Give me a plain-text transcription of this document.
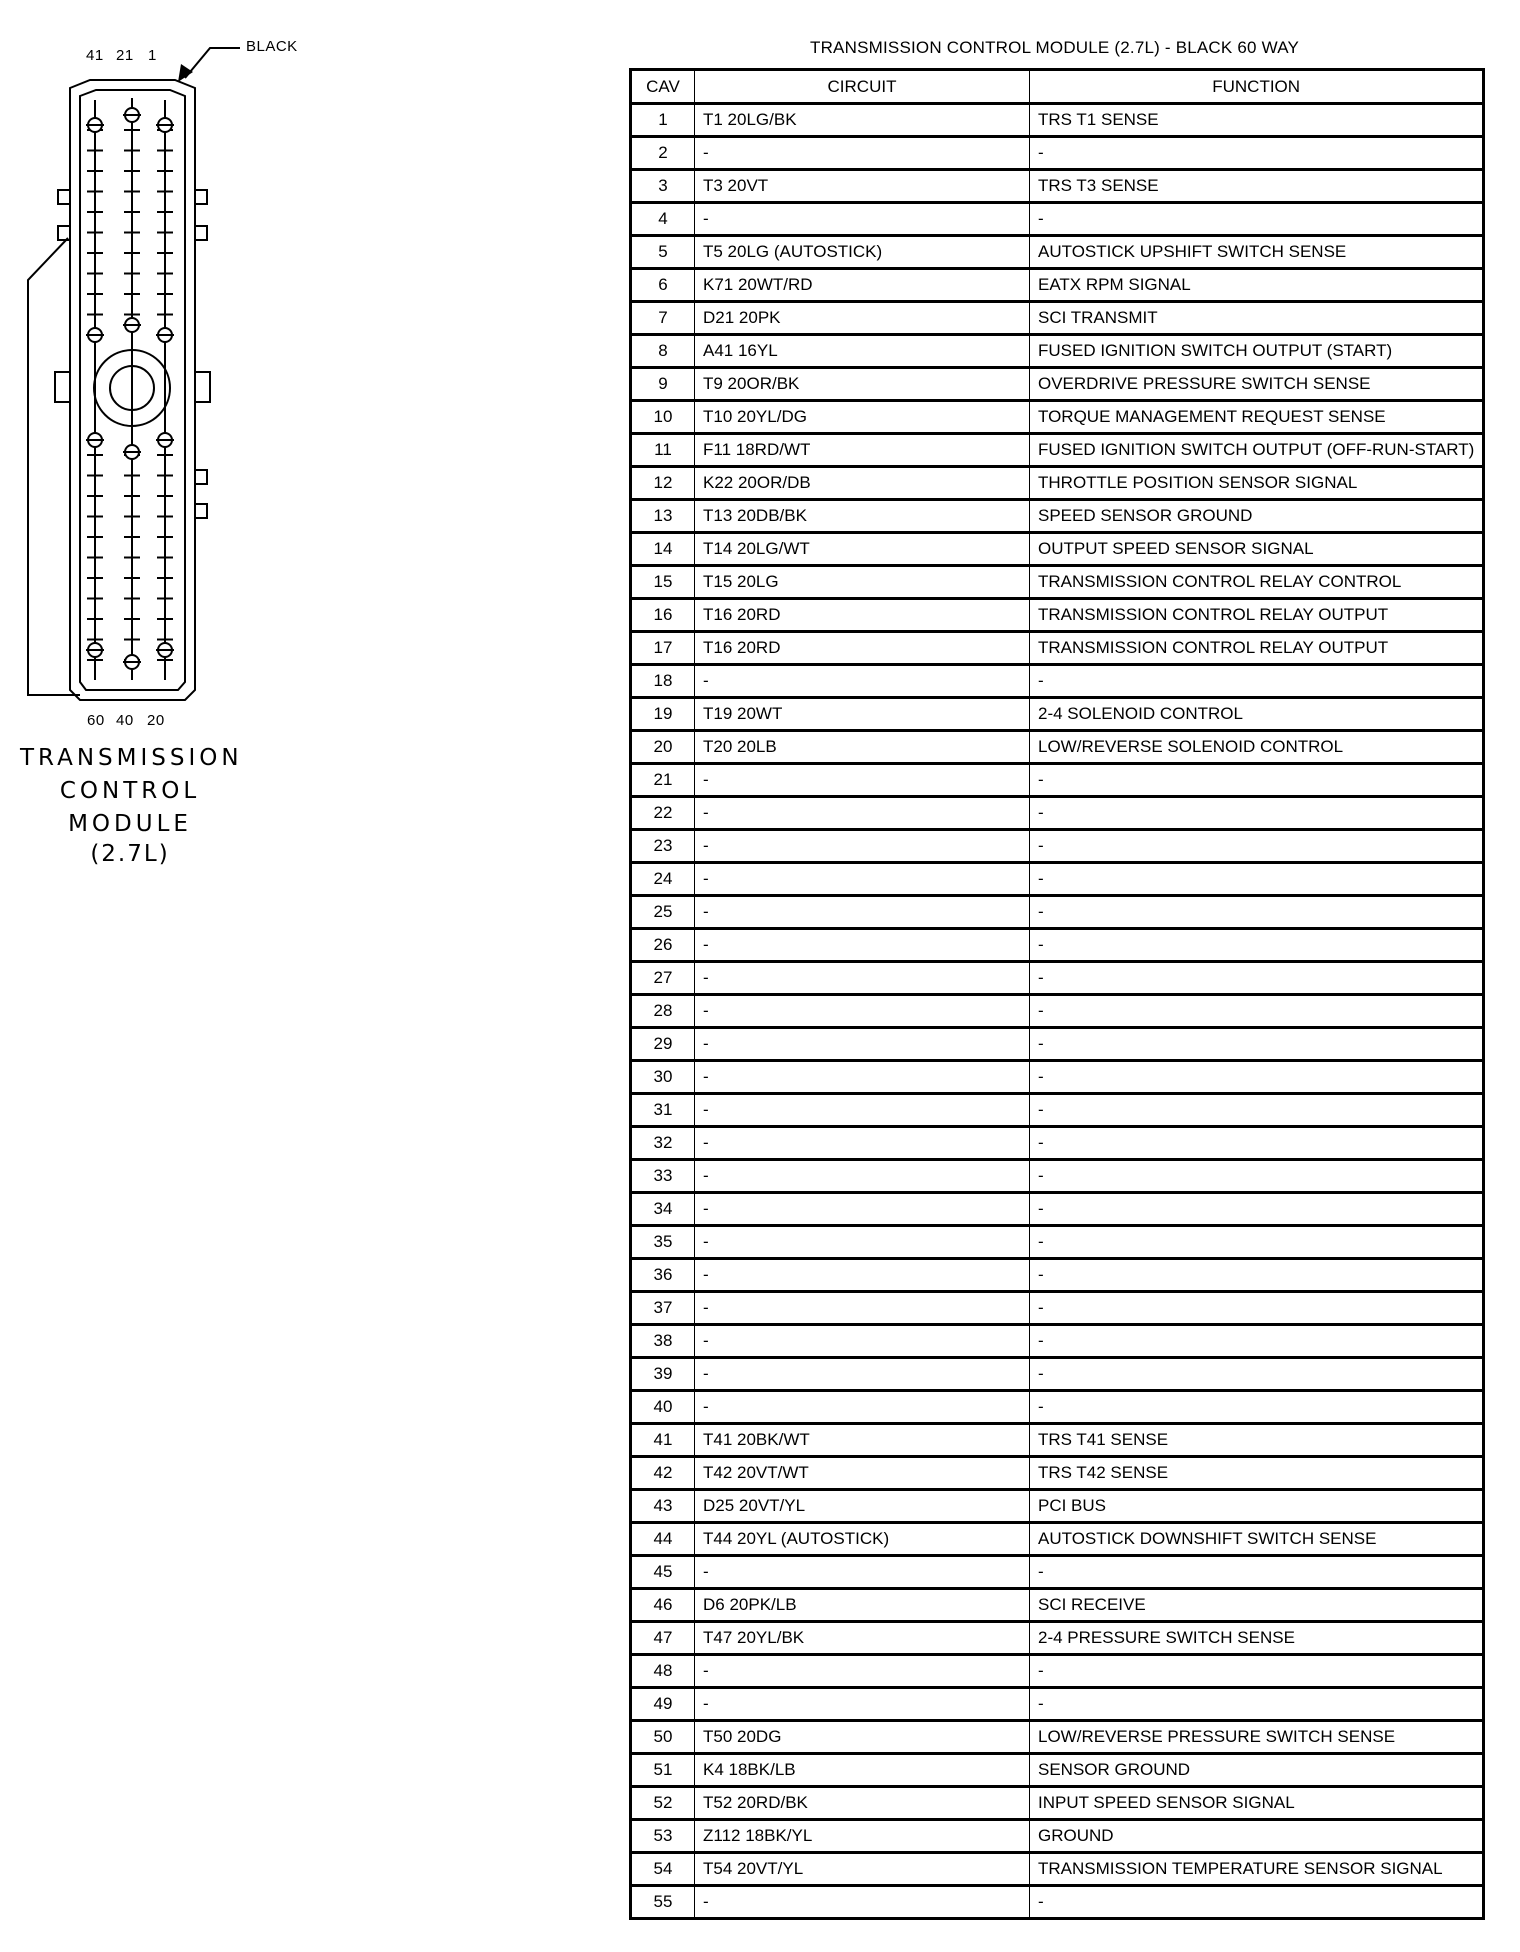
BLACK
41 21 1
60 40 20
TRANSMISSION
CONTROL
MODULE
(2.7L)
TRANSMISSION CONTROL MODULE (2.7L) - BLACK 60 WAY
CAV	CIRCUIT	FUNCTION
1	T1 20LG/BK	TRS T1 SENSE
2	-	-
3	T3 20VT	TRS T3 SENSE
4	-	-
5	T5 20LG (AUTOSTICK)	AUTOSTICK UPSHIFT SWITCH SENSE
6	K71 20WT/RD	EATX RPM SIGNAL
7	D21 20PK	SCI TRANSMIT
8	A41 16YL	FUSED IGNITION SWITCH OUTPUT (START)
9	T9 20OR/BK	OVERDRIVE PRESSURE SWITCH SENSE
10	T10 20YL/DG	TORQUE MANAGEMENT REQUEST SENSE
11	F11 18RD/WT	FUSED IGNITION SWITCH OUTPUT (OFF-RUN-START)
12	K22 20OR/DB	THROTTLE POSITION SENSOR SIGNAL
13	T13 20DB/BK	SPEED SENSOR GROUND
14	T14 20LG/WT	OUTPUT SPEED SENSOR SIGNAL
15	T15 20LG	TRANSMISSION CONTROL RELAY CONTROL
16	T16 20RD	TRANSMISSION CONTROL RELAY OUTPUT
17	T16 20RD	TRANSMISSION CONTROL RELAY OUTPUT
18	-	-
19	T19 20WT	2-4 SOLENOID CONTROL
20	T20 20LB	LOW/REVERSE SOLENOID CONTROL
21	-	-
22	-	-
23	-	-
24	-	-
25	-	-
26	-	-
27	-	-
28	-	-
29	-	-
30	-	-
31	-	-
32	-	-
33	-	-
34	-	-
35	-	-
36	-	-
37	-	-
38	-	-
39	-	-
40	-	-
41	T41 20BK/WT	TRS T41 SENSE
42	T42 20VT/WT	TRS T42 SENSE
43	D25 20VT/YL	PCI BUS
44	T44 20YL (AUTOSTICK)	AUTOSTICK DOWNSHIFT SWITCH SENSE
45	-	-
46	D6 20PK/LB	SCI RECEIVE
47	T47 20YL/BK	2-4 PRESSURE SWITCH SENSE
48	-	-
49	-	-
50	T50 20DG	LOW/REVERSE PRESSURE SWITCH SENSE
51	K4 18BK/LB	SENSOR GROUND
52	T52 20RD/BK	INPUT SPEED SENSOR SIGNAL
53	Z112 18BK/YL	GROUND
54	T54 20VT/YL	TRANSMISSION TEMPERATURE SENSOR SIGNAL
55	-	-
